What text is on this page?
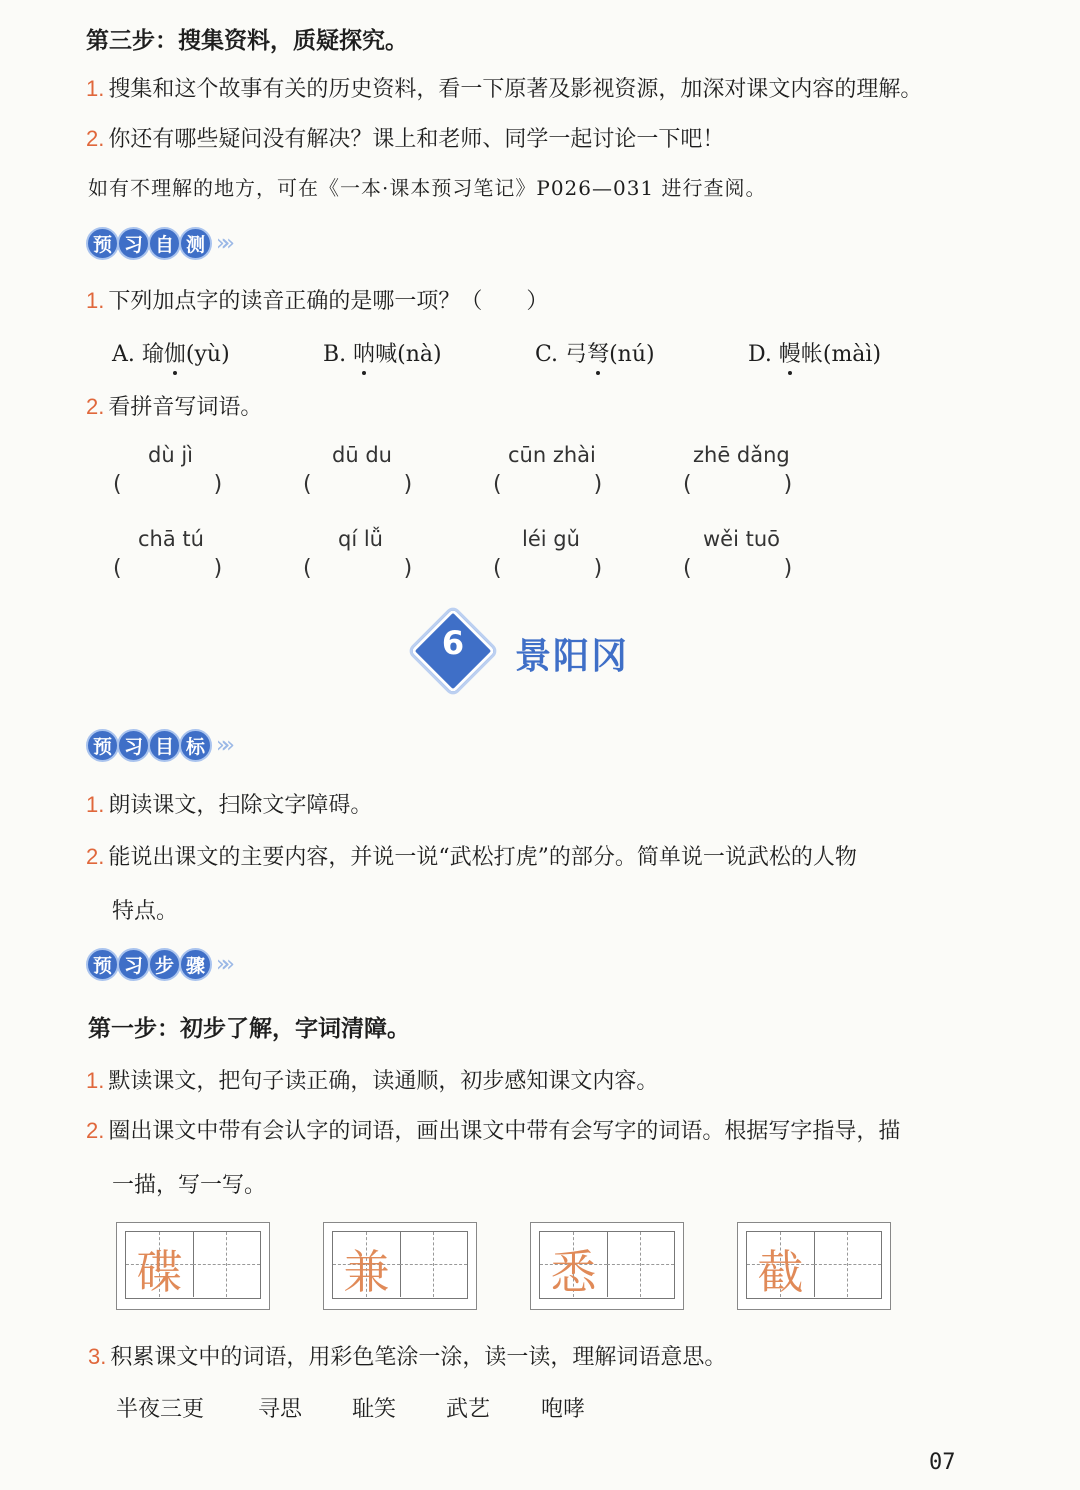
第三步：搜集资料，质疑探究。
1. 搜集和这个故事有关的历史资料，看一下原著及影视资源，加深对课文内容的理解。
2. 你还有哪些疑问没有解决？课上和老师、同学一起讨论一下吧！
如有不理解的地方，可在《一本·课本预习笔记》P026—031 进行查阅。
预 习 自 测 »»
1. 下列加点字的读音正确的是哪一项？（　　）
A. 瑜伽(yù)	B. 呐喊(nà)	C. 弓弩(nú)	D. 幔帐(màì)
2. 看拼音写词语。
dù jì	dū du	cūn zhài	zhē dǎng
(	)	(	)	(	)	(	)
chā tú	qí lǚ	léi gǔ	wěi tuō
(	)	(	)	(	)	(	)
6	景阳冈
预 习 目 标 »»
1. 朗读课文，扫除文字障碍。
2. 能说出课文的主要内容，并说一说“武松打虎”的部分。简单说一说武松的人物
特点。
预 习 步 骤 »»
第一步：初步了解，字词清障。
1. 默读课文，把句子读正确，读通顺，初步感知课文内容。
2. 圈出课文中带有会认字的词语，画出课文中带有会写字的词语。根据写字指导，描
一描，写一写。
碟	兼	悉	截
3. 积累课文中的词语，用彩色笔涂一涂，读一读，理解词语意思。
半夜三更 寻思 耻笑 武艺 咆哮
07
